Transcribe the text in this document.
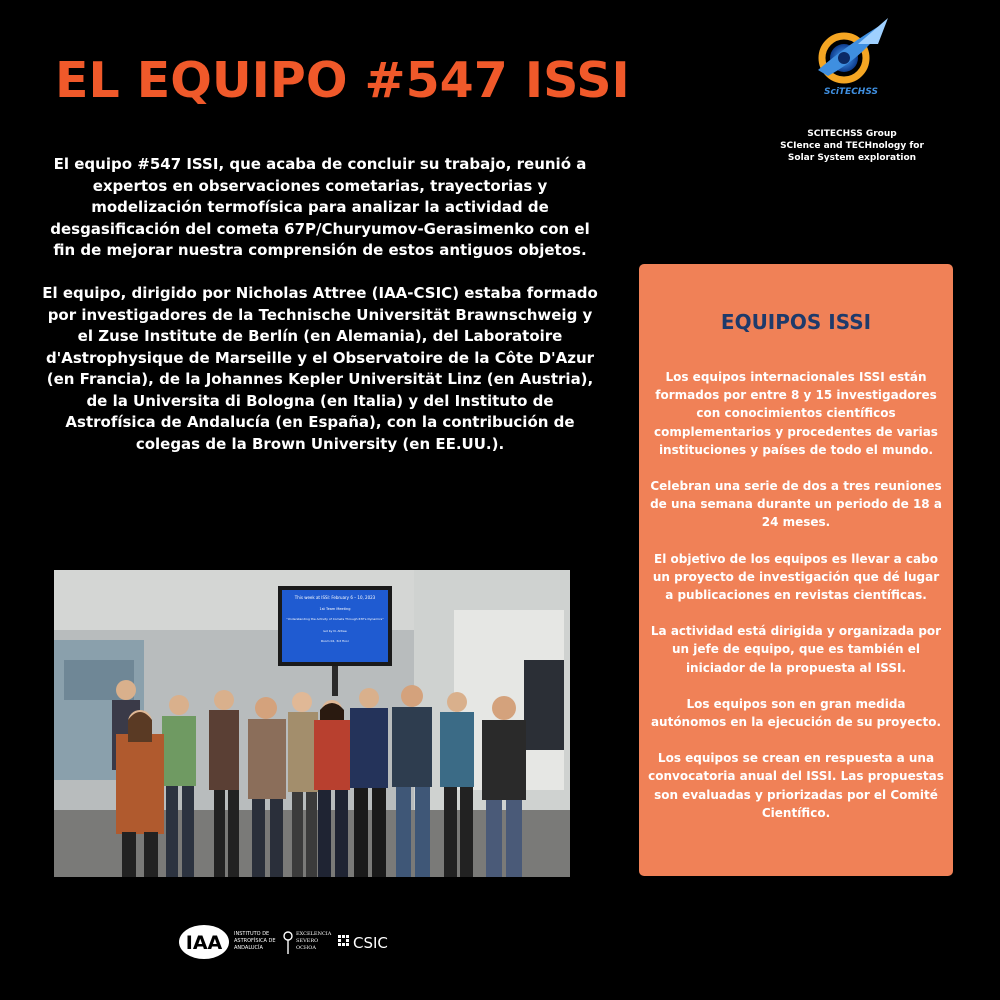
EL EQUIPO #547 ISSI	SciTECHSS
SCITECHSS Group
SCIence and TECHnology for
Solar System exploration

El equipo #547 ISSI, que acaba de concluir su trabajo, reunió a expertos en observaciones cometarias, trayectorias y modelización termofísica para analizar la actividad de desgasificación del cometa 67P/Churyumov-Gerasimenko con el fin de mejorar nuestra comprensión de estos antiguos objetos.

El equipo, dirigido por Nicholas Attree (IAA-CSIC) estaba formado por investigadores de la Technische Universität Brawnschweig y el Zuse Institute de Berlín (en Alemania), del Laboratoire d'Astrophysique de Marseille y el Observatoire de la Côte D'Azur (en Francia), de la Johannes Kepler Universität Linz (en Austria), de la Universita di Bologna (en Italia) y del Instituto de Astrofísica de Andalucía (en España), con la contribución de colegas de la Brown University (en EE.UU.).

This week at ISSI: February 6 – 10, 2023
1st Team Meeting
"Understanding the Activity of Comets Through 67P's Dynamics"
led by N. Attree
Room 02, 3rd floor
EQUIPOS ISSI

Los equipos internacionales ISSI están formados por entre 8 y 15 investigadores con conocimientos científicos complementarios y procedentes de varias instituciones y países de todo el mundo.

Celebran una serie de dos a tres reuniones de una semana durante un periodo de 18 a 24 meses.

El objetivo de los equipos es llevar a cabo un proyecto de investigación que dé lugar a publicaciones en revistas científicas.

La actividad está dirigida y organizada por un jefe de equipo, que es también el iniciador de la propuesta al ISSI.

Los equipos son en gran medida autónomos en la ejecución de su proyecto.

Los equipos se crean en respuesta a una convocatoria anual del ISSI. Las propuestas son evaluadas y priorizadas por el Comité Científico.

IAA INSTITUTO DE
ASTROFÍSICA DE
ANDALUCÍA
EXCELENCIA
SEVERO
OCHOA CSIC
